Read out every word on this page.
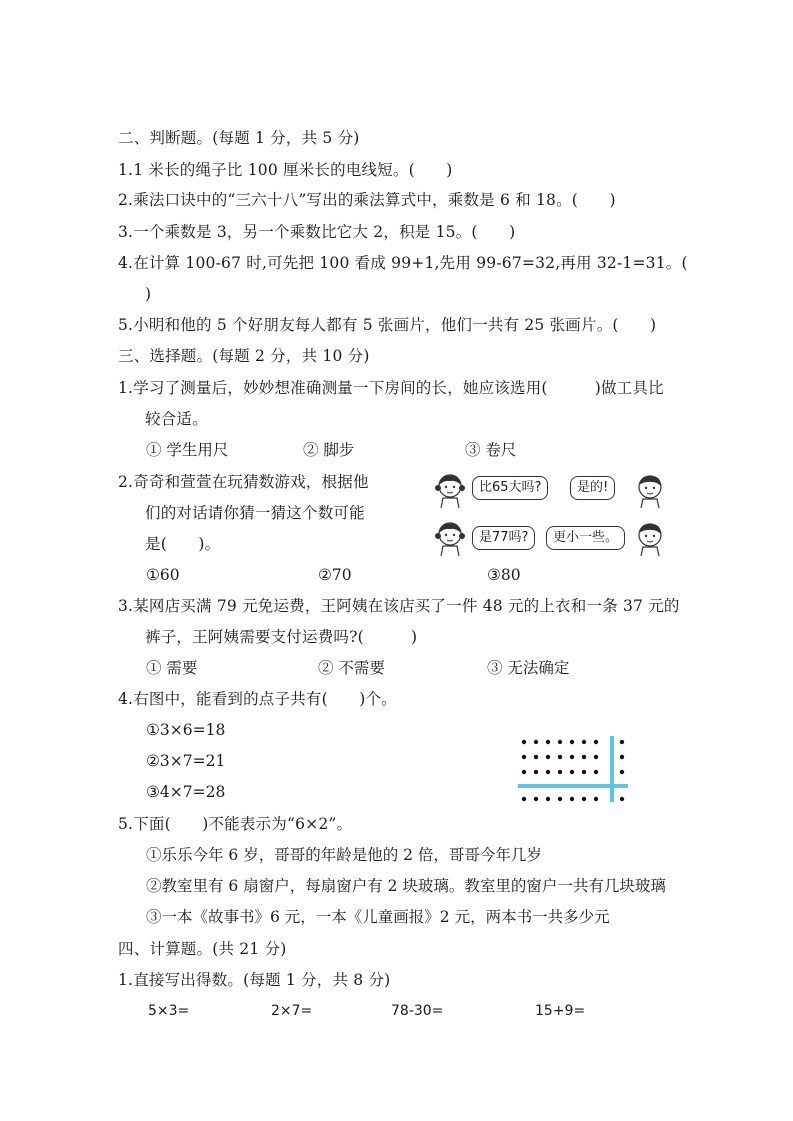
二、判断题。(每题 1 分，共 5 分)
1.1 米长的绳子比 100 厘米长的电线短。(　　)
2.乘法口诀中的“三六十八”写出的乘法算式中，乘数是 6 和 18。(　　)
3.一个乘数是 3，另一个乘数比它大 2，积是 15。(　　)
4.在计算 100-67 时,可先把 100 看成 99+1,先用 99-67=32,再用 32-1=31。(
)
5.小明和他的 5 个好朋友每人都有 5 张画片，他们一共有 25 张画片。(　　)
三、选择题。(每题 2 分，共 10 分)
1.学习了测量后，妙妙想准确测量一下房间的长，她应该选用(　　　)做工具比
较合适。
① 学生用尺	② 脚步	③ 卷尺
2.奇奇和萱萱在玩猜数游戏，根据他
们的对话请你猜一猜这个数可能
是(　　)。
①60	②70	③80
比65大吗?	是的!
是77吗?	更小一些。
3.某网店买满 79 元免运费，王阿姨在该店买了一件 48 元的上衣和一条 37 元的
裤子，王阿姨需要支付运费吗?(　　　)
① 需要	② 不需要	③ 无法确定
4.右图中，能看到的点子共有(　　)个。
①3×6=18
②3×7=21
③4×7=28
5.下面(　　)不能表示为“6×2”。
①乐乐今年 6 岁，哥哥的年龄是他的 2 倍，哥哥今年几岁
②教室里有 6 扇窗户，每扇窗户有 2 块玻璃。教室里的窗户一共有几块玻璃
③一本《故事书》6 元，一本《儿童画报》2 元，两本书一共多少元
四、计算题。(共 21 分)
1.直接写出得数。(每题 1 分，共 8 分)
5×3=	2×7=	78-30=	15+9=
